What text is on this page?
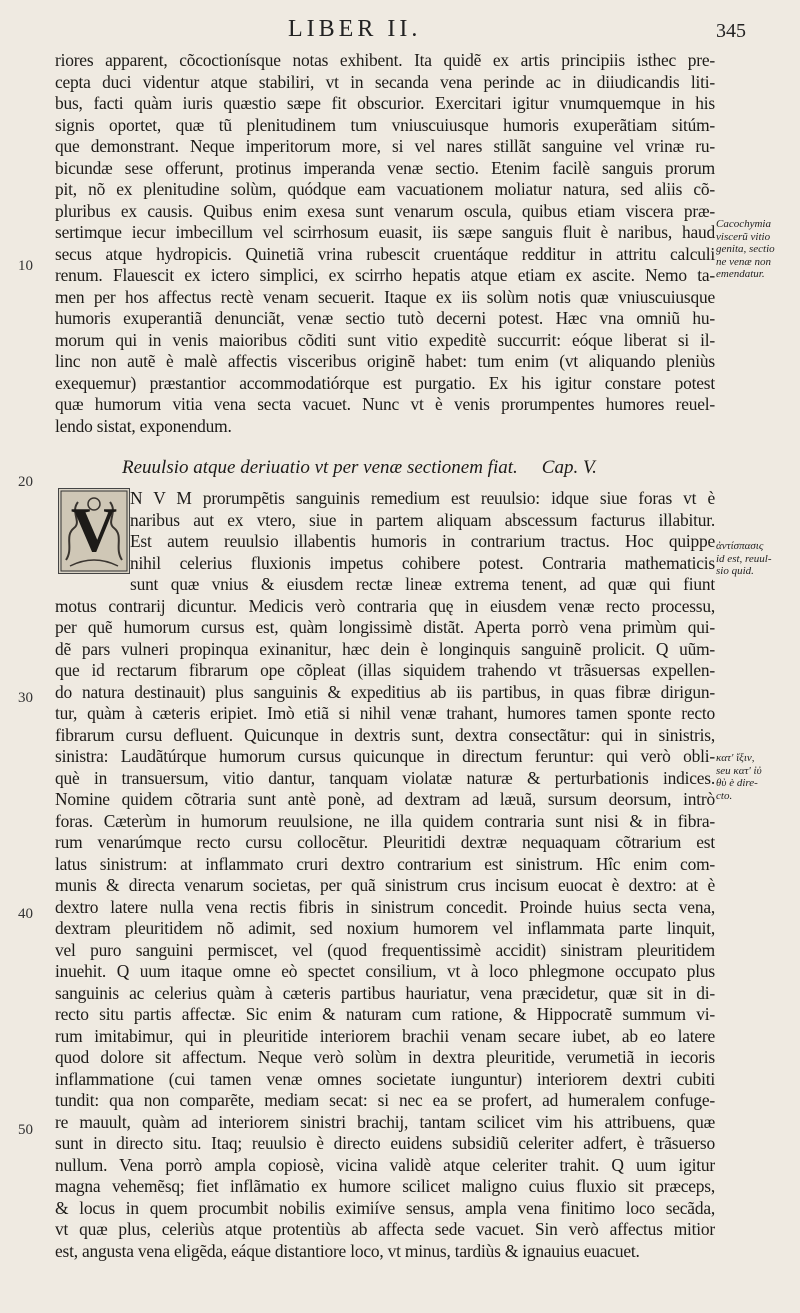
LIBER II.	345
riores apparent, cõcoctionísque notas exhibent. Ita quidẽ ex artis principiis isthec pre-
cepta duci videntur atque stabiliri, vt in secanda vena perinde ac in diiudicandis liti-
bus, facti quàm iuris quæstio sæpe fit obscurior. Exercitari igitur vnumquemque in his
signis oportet, quæ tũ plenitudinem tum vniuscuiusque humoris exuperãtiam sitúm-
que demonstrant. Neque imperitorum more, si vel nares stillãt sanguine vel vrinæ ru-
bicundæ sese offerunt, protinus imperanda venæ sectio. Etenim facilè sanguis prorum
pit, nõ ex plenitudine solùm, quódque eam vacuationem moliatur natura, sed aliis cõ-
pluribus ex causis. Quibus enim exesa sunt venarum oscula, quibus etiam viscera præ-
sertimque iecur imbecillum vel scirrhosum euasit, iis sæpe sanguis fluit è naribus, haud
secus atque hydropicis. Quinetiã vrina rubescit cruentáque redditur in attritu calculi
renum. Flauescit ex ictero simplici, ex scirrho hepatis atque etiam ex ascite. Nemo ta-
men per hos affectus rectè venam secuerit. Itaque ex iis solùm notis quæ vniuscuiusque
humoris exuperantiã denunciãt, venæ sectio tutò decerni potest. Hæc vna omniũ hu-
morum qui in venis maioribus cõditi sunt vitio expeditè succurrit: eóque liberat si il-
linc non autẽ è malè affectis visceribus originẽ habet: tum enim (vt aliquando pleniùs
exequemur) præstantior accommodatiórque est purgatio. Ex his igitur constare potest
quæ humorum vitia vena secta vacuet. Nunc vt è venis prorumpentes humores reuel-
lendo sistat, exponendum.
Reuulsio atque deriuatio vt per venæ sectionem fiat. Cap. V.
V N V M prorumpẽtis sanguinis remedium est reuulsio: idque siue foras vt è
naribus aut ex vtero, siue in partem aliquam abscessum facturus illabitur.
Est autem reuulsio illabentis humoris in contrarium tractus. Hoc quippe
nihil celerius fluxionis impetus cohibere potest. Contraria mathematicis
sunt quæ vnius & eiusdem rectæ lineæ extrema tenent, ad quæ qui fiunt
motus contrarij dicuntur. Medicis verò contraria quę in eiusdem venæ recto processu,
per quẽ humorum cursus est, quàm longissimè distãt. Aperta porrò vena primùm qui-
dẽ pars vulneri propinqua exinanitur, hæc dein è longinquis sanguinẽ prolicit. Q uũm-
que id rectarum fibrarum ope cõpleat (illas siquidem trahendo vt trãsuersas expellen-
do natura destinauit) plus sanguinis & expeditius ab iis partibus, in quas fibræ dirigun-
tur, quàm à cæteris eripiet. Imò etiã si nihil venæ trahant, humores tamen sponte recto
fibrarum cursu defluent. Quicunque in dextris sunt, dextra consectãtur: qui in sinistris,
sinistra: Laudãtúrque humorum cursus quicunque in directum feruntur: qui verò obli-
què in transuersum, vitio dantur, tanquam violatæ naturæ & perturbationis indices.
Nomine quidem cõtraria sunt antè ponè, ad dextram ad læuã, sursum deorsum, intrò
foras. Cæterùm in humorum reuulsione, ne illa quidem contraria sunt nisi & in fibra-
rum venarúmque recto cursu collocẽtur. Pleuritidi dextræ nequaquam cõtrarium est
latus sinistrum: at inflammato cruri dextro contrarium est sinistrum. Hîc enim com-
munis & directa venarum societas, per quã sinistrum crus incisum euocat è dextro: at è
dextro latere nulla vena rectis fibris in sinistrum concedit. Proinde huius secta vena,
dextram pleuritidem nõ adimit, sed noxium humorem vel inflammata parte linquit,
vel puro sanguini permiscet, vel (quod frequentissimè accidit) sinistram pleuritidem
inuehit. Q uum itaque omne eò spectet consilium, vt à loco phlegmone occupato plus
sanguinis ac celerius quàm à cæteris partibus hauriatur, vena præcidetur, quæ sit in di-
recto situ partis affectæ. Sic enim & naturam cum ratione, & Hippocratẽ summum vi-
rum imitabimur, qui in pleuritide interiorem brachii venam secare iubet, ab eo latere
quod dolore sit affectum. Neque verò solùm in dextra pleuritide, verumetiã in iecoris
inflammatione (cui tamen venæ omnes societate iunguntur) interiorem dextri cubiti
tundit: qua non comparẽte, mediam secat: si nec ea se profert, ad humeralem confuge-
re mauult, quàm ad interiorem sinistri brachij, tantam scilicet vim his attribuens, quæ
sunt in directo situ. Itaq; reuulsio è directo euidens subsidiũ celeriter adfert, è trãsuerso
nullum. Vena porrò ampla copiosè, vicina validè atque celeriter trahit. Q uum igitur
magna vehemẽsq; fiet inflãmatio ex humore scilicet maligno cuius fluxio sit præceps,
& locus in quem procumbit nobilis eximiíve sensus, ampla vena finitimo loco secãda,
vt quæ plus, celeriùs atque protentiùs ab affecta sede vacuet. Sin verò affectus mitior
est, angusta vena eligẽda, eáque distantiore loco, vt minus, tardiùs & ignauius euacuet.
10
20
30
40
50
Cacochymia
viscerũ vitio
genita, sectio
ne venæ non
emendatur.
ἀντίσπασις
id est, reuul-
sio quid.
κατ' ἴξιν,
seu κατ' ἰὐ
θὺ è dire-
cto.
